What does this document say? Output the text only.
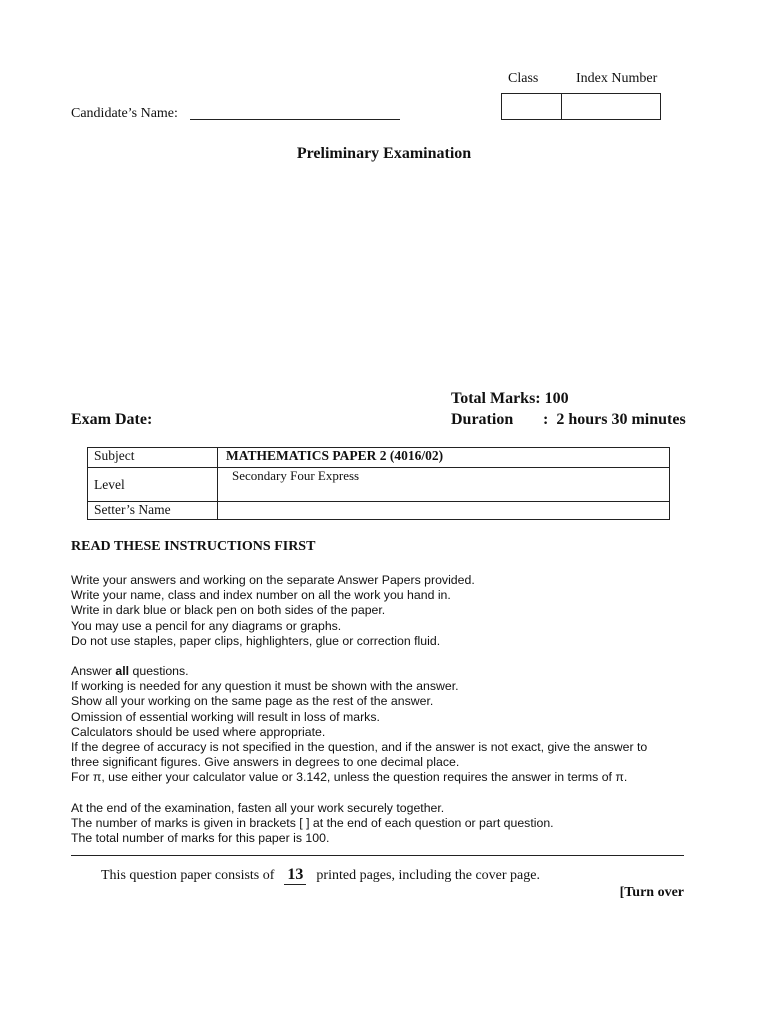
Class	Index Number
Candidate’s Name:
Preliminary Examination
Total Marks: 100
Exam Date:	Duration :  2 hours 30 minutes
Subject	MATHEMATICS PAPER 2 (4016/02)
Level	Secondary Four Express
Setter’s Name	
READ THESE INSTRUCTIONS FIRST
Write your answers and working on the separate Answer Papers provided.
Write your name, class and index number on all the work you hand in.
Write in dark blue or black pen on both sides of the paper.
You may use a pencil for any diagrams or graphs.
Do not use staples, paper clips, highlighters, glue or correction fluid.
Answer all questions.
If working is needed for any question it must be shown with the answer.
Show all your working on the same page as the rest of the answer.
Omission of essential working will result in loss of marks.
Calculators should be used where appropriate.
If the degree of accuracy is not specified in the question, and if the answer is not exact, give the answer to
three significant figures. Give answers in degrees to one decimal place.
For π, use either your calculator value or 3.142, unless the question requires the answer in terms of π.
At the end of the examination, fasten all your work securely together.
The number of marks is given in brackets [ ] at the end of each question or part question.
The total number of marks for this paper is 100.
This question paper consists of 13 printed pages, including the cover page.
[Turn over
